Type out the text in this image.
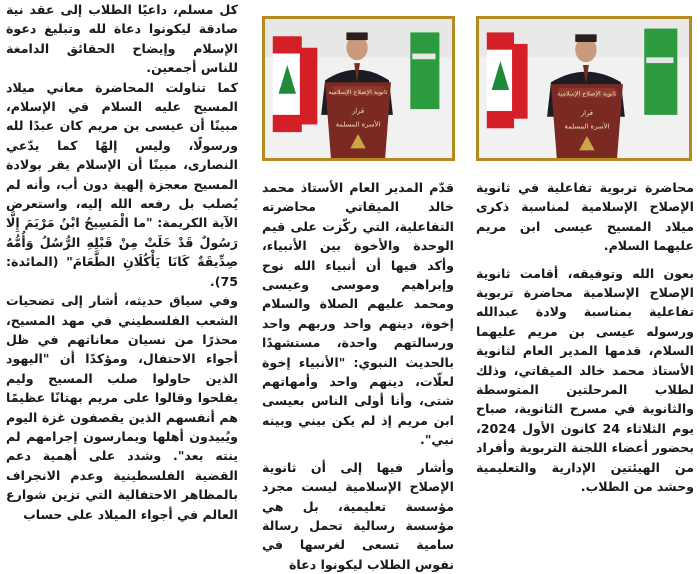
كل مسلم، داعيًا الطلاب إلى عقد نية صادقة ليكونوا دعاة لله وتبليغ دعوة الإسلام وإيضاح الحقائق الدامغة للناس أجمعين.

كما تناولت المحاضرة معاني ميلاد المسيح عليه السلام في الإسلام، مبينًا أن عيسى بن مريم كان عبدًا لله ورسولًا، وليس إلهًا كما يدّعي النصارى، مبينًا أن الإسلام يقر بولادة المسيح معجزة إلهية دون أب، وأنه لم يُصلب بل رفعه الله إليه، واستعرض الآية الكريمة: "ما الْمَسِيحُ ابْنُ مَرْيَمَ إِلَّا رَسُولٌ قَدْ خَلَتْ مِنْ قَبْلِهِ الرُّسُلُ وَأُمُّهُ صِدِّيقَةٌ كَانَا يَأْكُلَانِ الطَّعَامَ" (المائدة: 75).

وفي سياق حديثه، أشار إلى تضحيات الشعب الفلسطيني في مهد المسيح، محذرًا من نسيان معاناتهم في ظل أجواء الاحتفال، ومؤكدًا أن "اليهود الذين حاولوا صلب المسيح وليم يفلحوا وقالوا على مريم بهتانًا عظيمًا هم أنفسهم الذين يقصفون غزة اليوم ويُبيدون أهلها ويمارسون إجرامهم لم ينته بعد". وشدد على أهمية دعم القضية الفلسطينية وعدم الانجراف بالمظاهر الاحتفالية التي تزين شوارع العالم في أجواء الميلاد على حساب

ثانوية الإصلاح الإسلامية
قرار
الأسرة المسلمة
ثانوية الإصلاح الإسلامية
قرار
الأسرة المسلمة

قدّم المدير العام الأستاذ محمد خالد الميقاتي محاضرته التفاعلية، التي ركّزت على قيم الوحدة والأخوة بين الأنبياء، وأكد فيها أن أنبياء الله نوح وإبراهيم وموسى وعيسى ومحمد عليهم الصلاة والسلام إخوة، دينهم واحد وربهم واحد ورسالتهم واحدة، مستشهدًا بالحديث النبوي: "الأنبياء إخوة لعلّات، دينهم واحد وأمهاتهم شتى، وأنا أولى الناس بعيسى ابن مريم إذ لم يكن بيني وبينه نبي".

وأشار فيها إلى أن ثانوية الإصلاح الإسلامية ليست مجرد مؤسسة تعليمية، بل هي مؤسسة رسالية تحمل رسالة سامية تسعى لغرسها في نفوس الطلاب ليكونوا دعاة

محاضرة تربوية تفاعلية في ثانوية الإصلاح الإسلامية لمناسبة ذكرى ميلاد المسيح عيسى ابن مريم عليهما السلام.

بعون الله وتوفيقه، أقامت ثانوية الإصلاح الإسلامية محاضرة تربوية تفاعلية بمناسبة ولادة عبدالله ورسوله عيسى بن مريم عليهما السلام، قدمها المدير العام لثانوية الأستاذ محمد خالد الميقاتي، وذلك لطلاب المرحلتين المتوسطة والثانوية في مسرح الثانوية، صباح يوم الثلاثاء 24 كانون الأول 2024، بحضور أعضاء اللجنة التربوية وأفراد من الهيئتين الإدارية والتعليمية وحشد من الطلاب.
